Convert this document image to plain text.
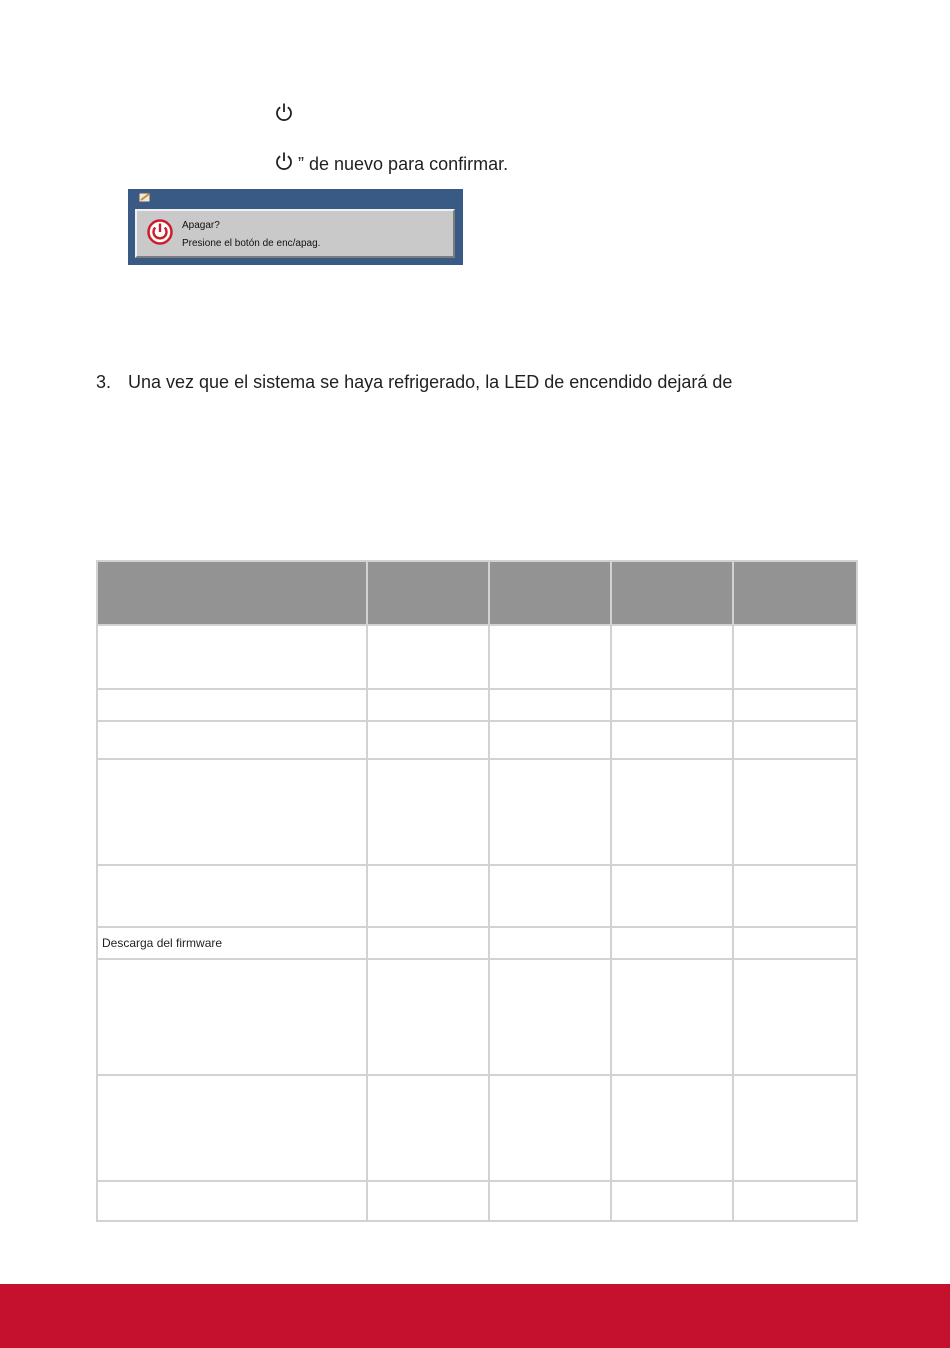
” de nuevo para confirmar.
Apagar?
Presione el botón de enc/apag.
3. Una vez que el sistema se haya refrigerado, la LED de encendido dejará de

Descarga del firmware				
